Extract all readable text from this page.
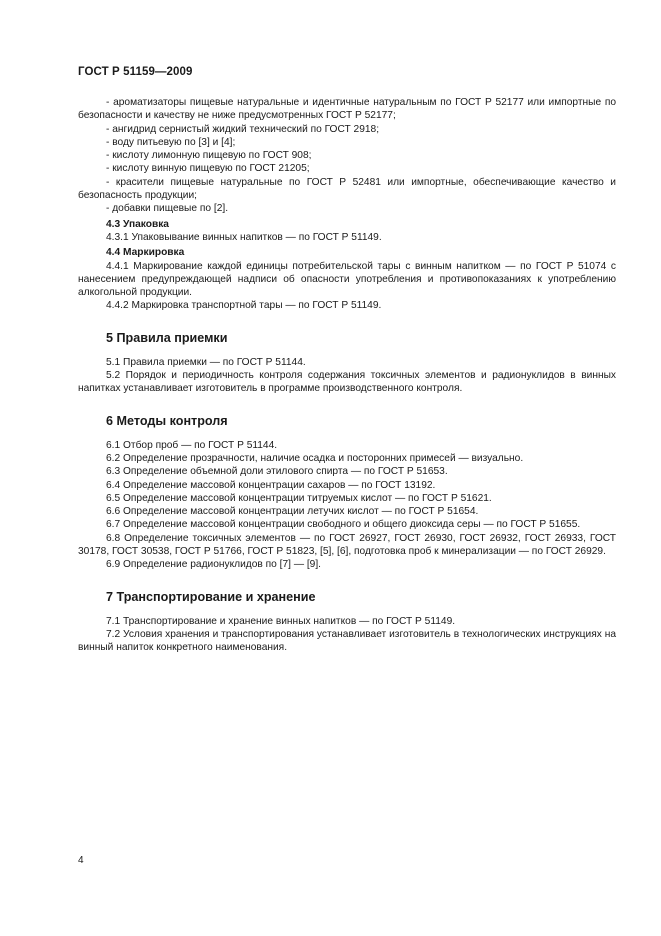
ГОСТ Р 51159—2009

- ароматизаторы пищевые натуральные и идентичные натуральным по ГОСТ Р 52177 или импортные по безопасности и качеству не ниже предусмотренных ГОСТ Р 52177;

- ангидрид сернистый жидкий технический по ГОСТ 2918;

- воду питьевую по [3] и [4];

- кислоту лимонную пищевую по ГОСТ 908;

- кислоту винную пищевую по ГОСТ 21205;

- красители пищевые натуральные по ГОСТ Р 52481 или импортные, обеспечивающие качество и безопасность продукции;

- добавки пищевые по [2].

4.3 Упаковка

4.3.1 Упаковывание винных напитков — по ГОСТ Р 51149.

4.4 Маркировка

4.4.1 Маркирование каждой единицы потребительской тары с винным напитком — по ГОСТ Р 51074 с нанесением предупреждающей надписи об опасности употребления и противопоказаниях к употреблению алкогольной продукции.

4.4.2 Маркировка транспортной тары — по ГОСТ Р 51149.

5 Правила приемки

5.1 Правила приемки — по ГОСТ Р 51144.

5.2 Порядок и периодичность контроля содержания токсичных элементов и радионуклидов в винных напитках устанавливает изготовитель в программе производственного контроля.

6 Методы контроля

6.1 Отбор проб — по ГОСТ Р 51144.

6.2 Определение прозрачности, наличие осадка и посторонних примесей — визуально.

6.3 Определение объемной доли этилового спирта — по ГОСТ Р 51653.

6.4 Определение массовой концентрации сахаров — по ГОСТ 13192.

6.5 Определение массовой концентрации титруемых кислот — по ГОСТ Р 51621.

6.6 Определение массовой концентрации летучих кислот — по ГОСТ Р 51654.

6.7 Определение массовой концентрации свободного и общего диоксида серы — по ГОСТ Р 51655.

6.8 Определение токсичных элементов — по ГОСТ 26927, ГОСТ 26930, ГОСТ 26932, ГОСТ 26933, ГОСТ 30178, ГОСТ 30538, ГОСТ Р 51766, ГОСТ Р 51823, [5], [6], подготовка проб к минерализации — по ГОСТ 26929.

6.9 Определение радионуклидов по [7] — [9].

7 Транспортирование и хранение

7.1 Транспортирование и хранение винных напитков — по ГОСТ Р 51149.

7.2 Условия хранения и транспортирования устанавливает изготовитель в технологических инструкциях на винный напиток конкретного наименования.

4
